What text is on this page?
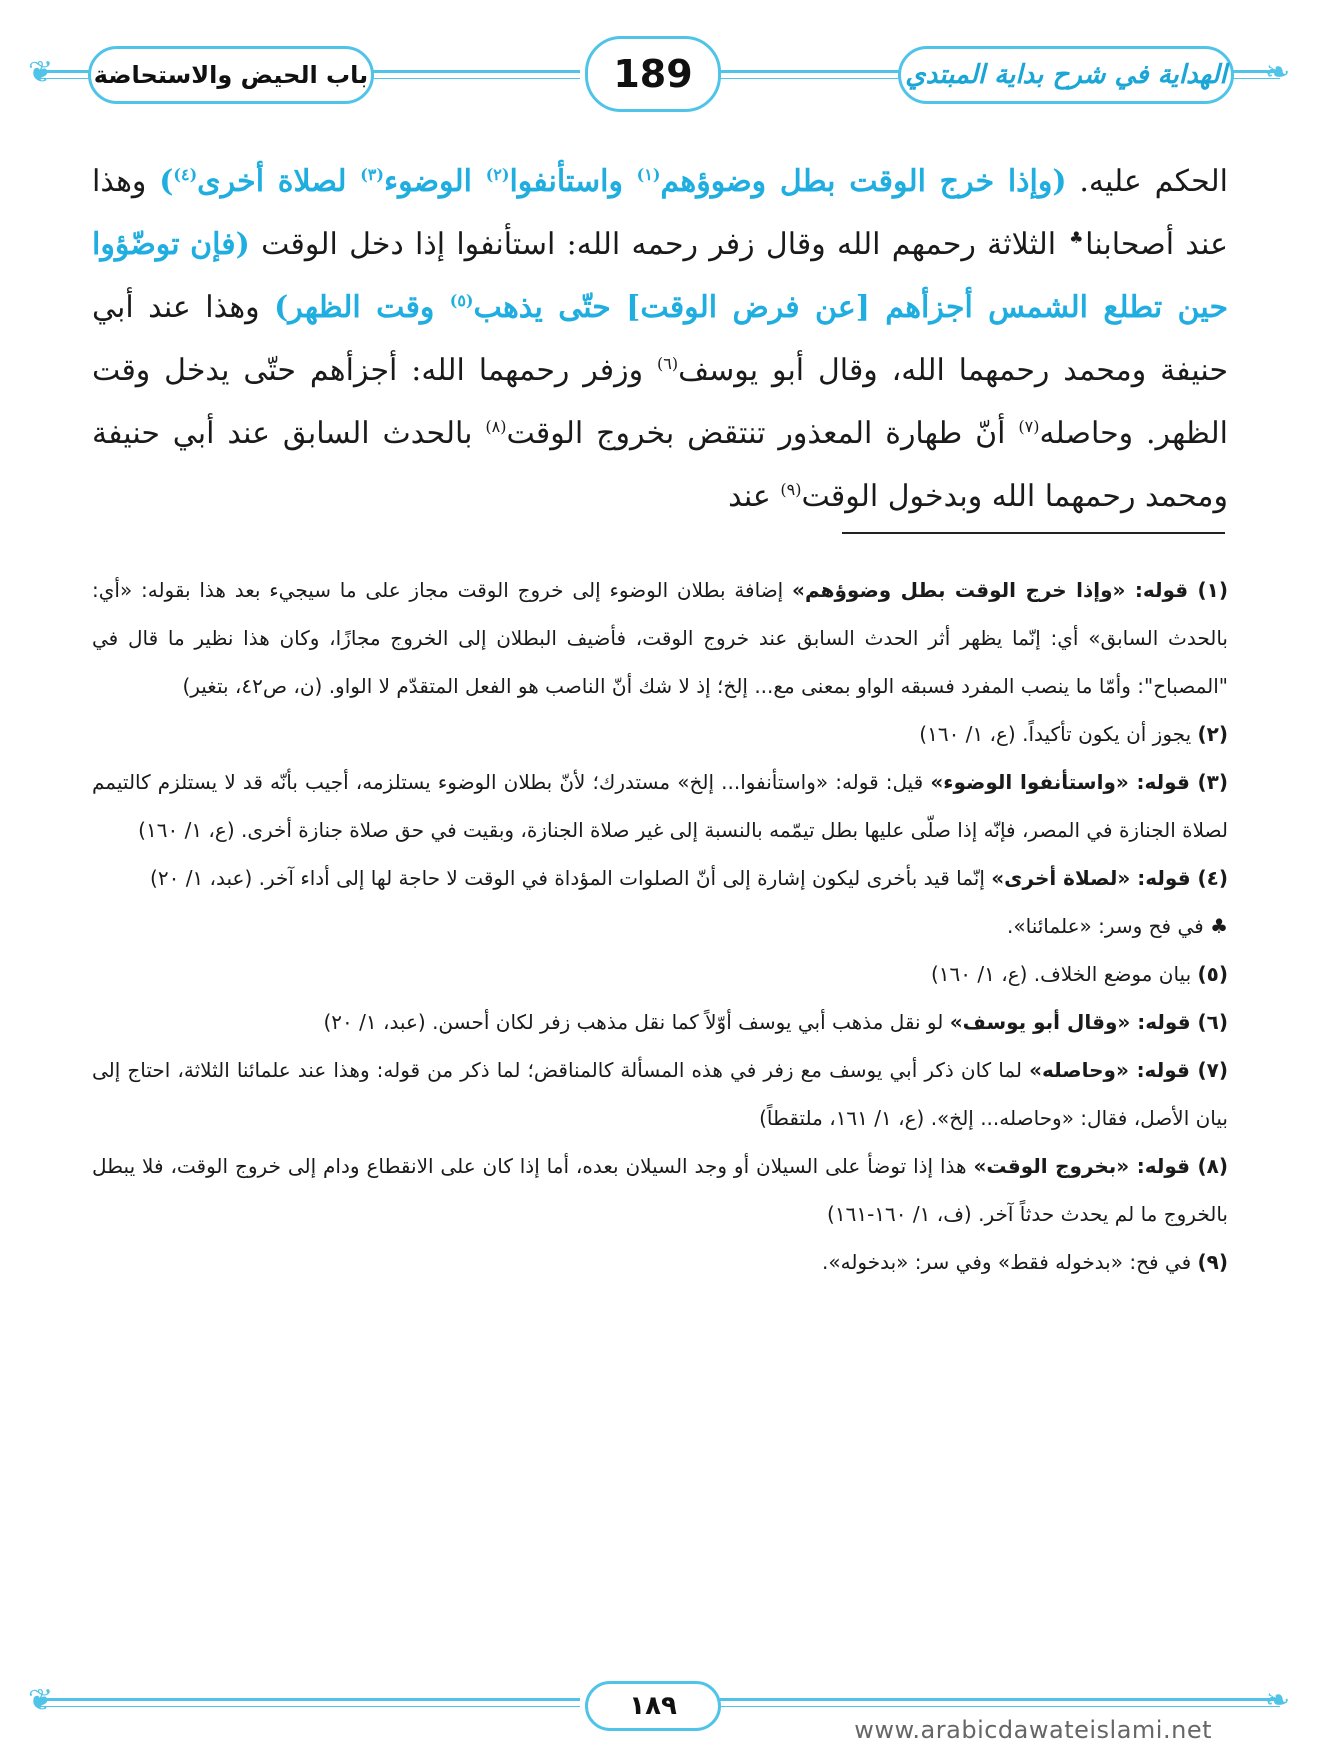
❦	❧
باب الحيض والاستحاضة	189	الهداية في شرح بداية المبتدي
الحكم عليه. (وإذا خرج الوقت بطل وضوؤهم$^{(١)}$ واستأنفوا$^{(٢)}$ الوضوء$^{(٣)}$ لصلاة أخرى$^{(٤)}$) وهذا عند أصحابنا♣ الثلاثة رحمهم الله وقال زفر رحمه الله: استأنفوا إذا دخل الوقت (فإن توضّؤوا حين تطلع الشمس أجزأهم [عن فرض الوقت] حتّى يذهب$^{(٥)}$ وقت الظهر) وهذا عند أبي حنيفة ومحمد رحمهما الله، وقال أبو يوسف$^{(٦)}$ وزفر رحمهما الله: أجزأهم حتّى يدخل وقت الظهر. وحاصله$^{(٧)}$ أنّ طهارة المعذور تنتقض بخروج الوقت$^{(٨)}$ بالحدث السابق عند أبي حنيفة ومحمد رحمهما الله وبدخول الوقت$^{(٩)}$ عند

(١) قوله: «وإذا خرج الوقت بطل وضوؤهم» إضافة بطلان الوضوء إلى خروج الوقت مجاز على ما سيجيء بعد هذا بقوله: «أي: بالحدث السابق» أي: إنّما يظهر أثر الحدث السابق عند خروج الوقت، فأضيف البطلان إلى الخروج مجازًا، وكان هذا نظير ما قال في "المصباح": وأمّا ما ينصب المفرد فسبقه الواو بمعنى مع... إلخ؛ إذ لا شك أنّ الناصب هو الفعل المتقدّم لا الواو. (ن، ص٤٢، بتغير)

(٢) يجوز أن يكون تأكيداً. (ع، ١/ ١٦٠)

(٣) قوله: «واستأنفوا الوضوء» قيل: قوله: «واستأنفوا... إلخ» مستدرك؛ لأنّ بطلان الوضوء يستلزمه، أجيب بأنّه قد لا يستلزم كالتيمم لصلاة الجنازة في المصر، فإنّه إذا صلّى عليها بطل تيمّمه بالنسبة إلى غير صلاة الجنازة، وبقيت في حق صلاة جنازة أخرى. (ع، ١/ ١٦٠)

(٤) قوله: «لصلاة أخرى» إنّما قيد بأخرى ليكون إشارة إلى أنّ الصلوات المؤداة في الوقت لا حاجة لها إلى أداء آخر. (عبد، ١/ ٢٠)

♣ في فح وسر: «علمائنا».

(٥) بيان موضع الخلاف. (ع، ١/ ١٦٠)

(٦) قوله: «وقال أبو يوسف» لو نقل مذهب أبي يوسف أوّلاً كما نقل مذهب زفر لكان أحسن. (عبد، ١/ ٢٠)

(٧) قوله: «وحاصله» لما كان ذكر أبي يوسف مع زفر في هذه المسألة كالمناقض؛ لما ذكر من قوله: وهذا عند علمائنا الثلاثة، احتاج إلى بيان الأصل، فقال: «وحاصله... إلخ». (ع، ١/ ١٦١، ملتقطاً)

(٨) قوله: «بخروج الوقت» هذا إذا توضأ على السيلان أو وجد السيلان بعده، أما إذا كان على الانقطاع ودام إلى خروج الوقت، فلا يبطل بالخروج ما لم يحدث حدثاً آخر. (ف، ١/ ١٦٠-١٦١)

(٩) في فح: «بدخوله فقط» وفي سر: «بدخوله».

❦	❧
١٨٩
www.arabicdawateislami.net
